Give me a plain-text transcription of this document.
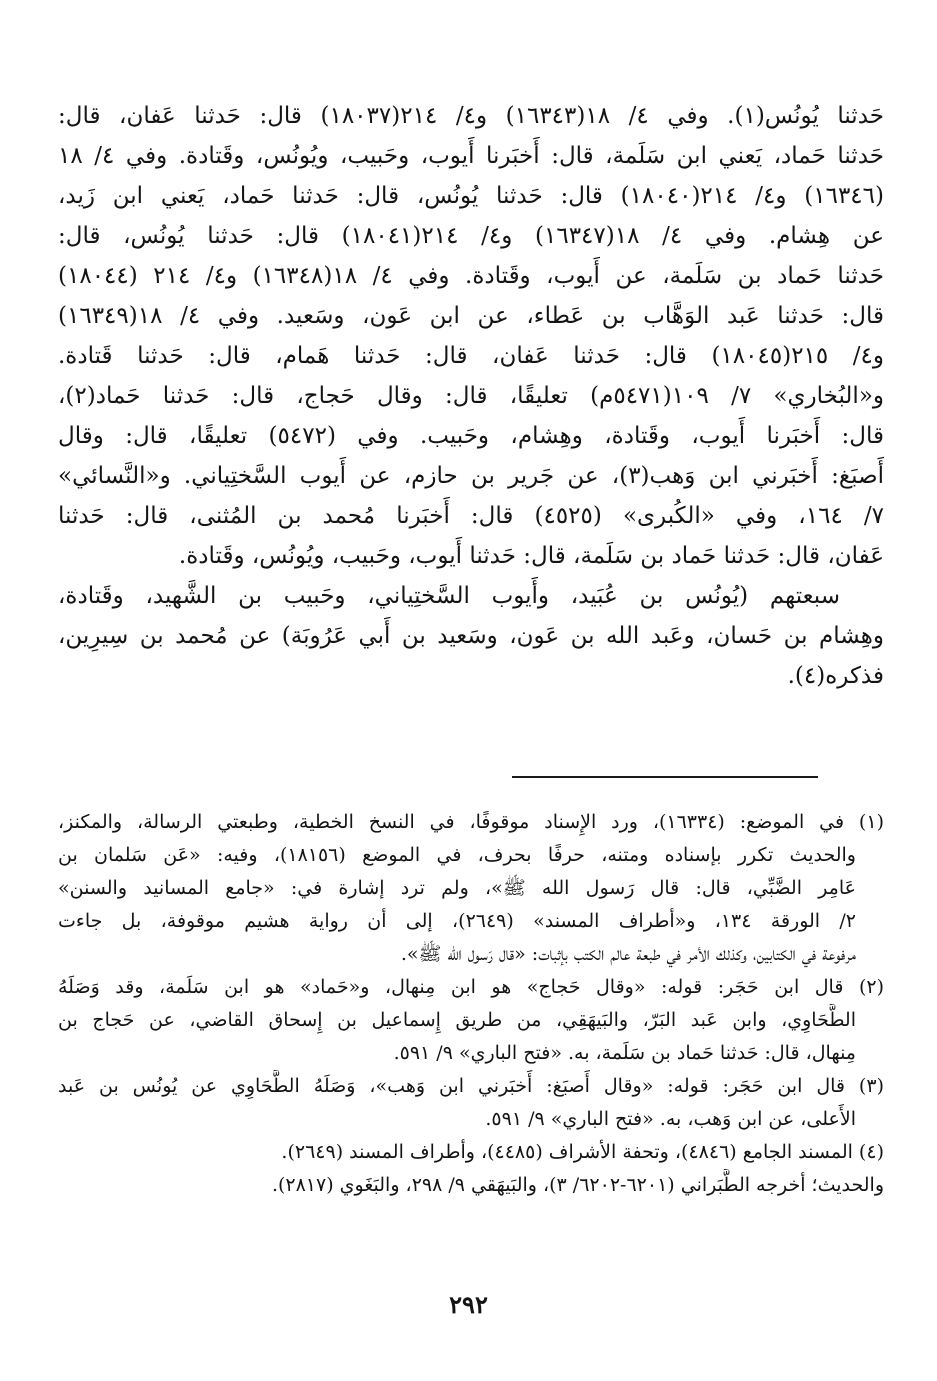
حَدثنا يُونُس(١). وفي ٤/ ١٨(١٦٣٤٣) و٤/ ٢١٤(١٨٠٣٧) قال: حَدثنا عَفان، قال:
حَدثنا حَماد، يَعني ابن سَلَمة، قال: أَخبَرنا أَيوب، وحَبيب، ويُونُس، وقَتادة. وفي ٤/ ١٨
(١٦٣٤٦) و٤/ ٢١٤(١٨٠٤٠) قال: حَدثنا يُونُس، قال: حَدثنا حَماد، يَعني ابن زَيد،
عن هِشام. وفي ٤/ ١٨(١٦٣٤٧) و٤/ ٢١٤(١٨٠٤١) قال: حَدثنا يُونُس، قال:
حَدثنا حَماد بن سَلَمة، عن أَيوب، وقَتادة. وفي ٤/ ١٨(١٦٣٤٨) و٤/ ٢١٤ (١٨٠٤٤)
قال: حَدثنا عَبد الوَهَّاب بن عَطاء، عن ابن عَون، وسَعيد. وفي ٤/ ١٨(١٦٣٤٩)
و٤/ ٢١٥(١٨٠٤٥) قال: حَدثنا عَفان، قال: حَدثنا هَمام، قال: حَدثنا قَتادة.
و«البُخاري» ٧/ ١٠٩(٥٤٧١م) تعليقًا، قال: وقال حَجاج، قال: حَدثنا حَماد(٢)،
قال: أَخبَرنا أَيوب، وقَتادة، وهِشام، وحَبيب. وفي (٥٤٧٢) تعليقًا، قال: وقال
أَصبَغ: أَخبَرني ابن وَهب(٣)، عن جَرير بن حازم، عن أَيوب السَّختِياني. و«النَّسائي»
٧/ ١٦٤، وفي «الكُبرى» (٤٥٢٥) قال: أَخبَرنا مُحمد بن المُثنى، قال: حَدثنا
عَفان، قال: حَدثنا حَماد بن سَلَمة، قال: حَدثنا أَيوب، وحَبيب، ويُونُس، وقَتادة.
سبعتهم (يُونُس بن عُبَيد، وأَيوب السَّختِياني، وحَبيب بن الشَّهيد، وقَتادة،
وهِشام بن حَسان، وعَبد الله بن عَون، وسَعيد بن أَبي عَرُوبَة) عن مُحمد بن سِيرِين،
فذكره(٤).
(١) في الموضع: (١٦٣٣٤)، ورد الإِسناد موقوفًا، في النسخ الخطية، وطبعتي الرسالة، والمكنز،
والحديث تكرر بإسناده ومتنه، حرفًا بحرف، في الموضع (١٨١٥٦)، وفيه: «عَن سَلمان بن
عَامِر الضَّبِّي، قال: قال رَسول الله ﷺ»، ولم ترد إشارة في: «جامع المسانيد والسنن»
٢/ الورقة ١٣٤، و«أطراف المسند» (٢٦٤٩)، إلى أن رواية هشيم موقوفة، بل جاءت
مرفوعة في الكتابين، وكذلك الأمر في طبعة عالم الكتب بإثبات: «قال رَسول الله ﷺ».
(٢) قال ابن حَجَر: قوله: «وقال حَجاج» هو ابن مِنهال، و«حَماد» هو ابن سَلَمة، وقد وَصَلَهُ
الطَّحَاوِي، وابن عَبد البَرّ، والبَيهَقِي، من طريق إِسماعيل بن إِسحاق القاضي، عن حَجاج بن
مِنهال، قال: حَدثنا حَماد بن سَلَمة، به. «فتح الباري» ٩/ ٥٩١.
(٣) قال ابن حَجَر: قوله: «وقال أَصبَغ: أَخبَرني ابن وَهب»، وَصَلَهُ الطَّحَاوِي عن يُونُس بن عَبد
الأَعلى، عن ابن وَهب، به. «فتح الباري» ٩/ ٥٩١.
(٤) المسند الجامع (٤٨٤٦)، وتحفة الأشراف (٤٤٨٥)، وأطراف المسند (٢٦٤٩).
والحديث؛ أخرجه الطَّبَراني (٦٢٠١-٦٢٠٢/ ٣)، والبَيهَقي ٩/ ٢٩٨، والبَغَوي (٢٨١٧).
٢٩٢
